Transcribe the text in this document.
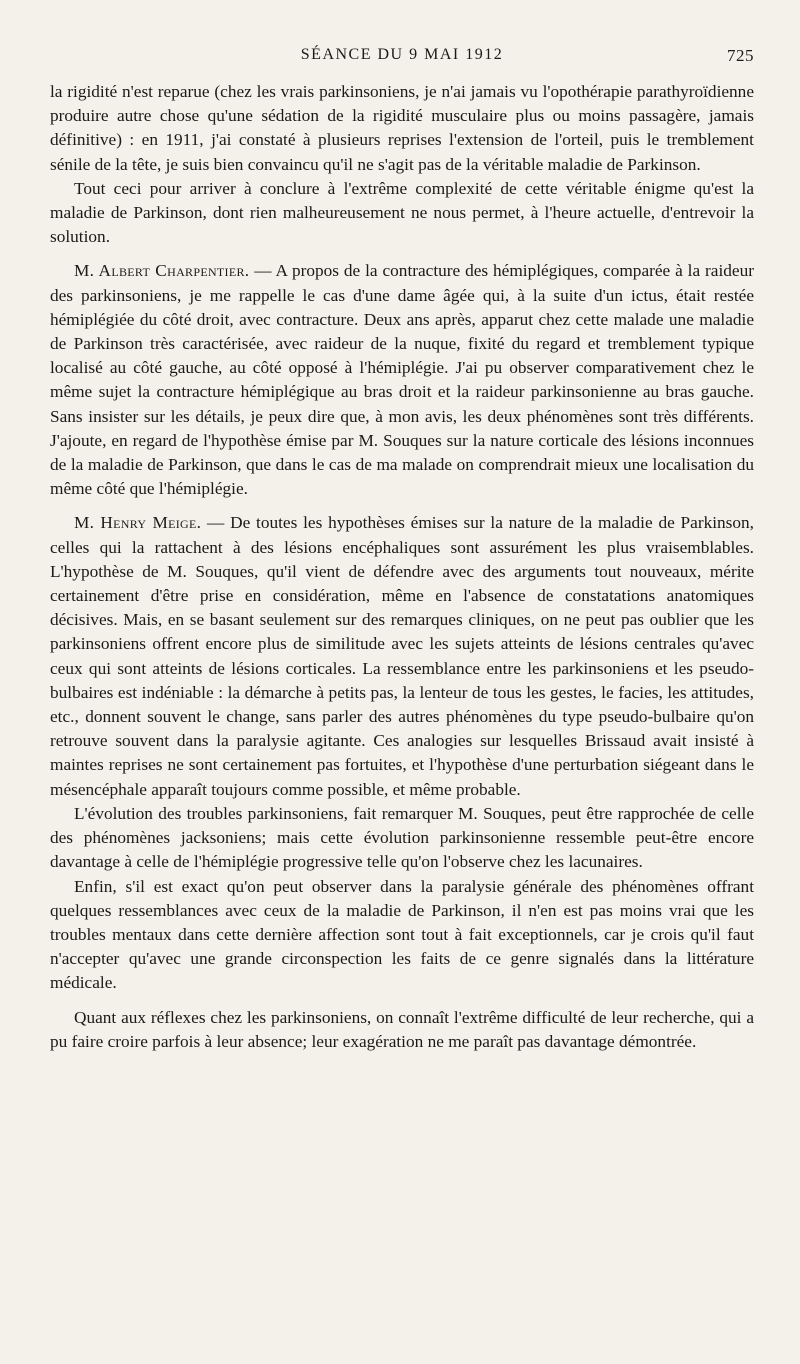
SÉANCE DU 9 MAI 1912	725

la rigidité n'est reparue (chez les vrais parkinsoniens, je n'ai jamais vu l'opothérapie parathyroïdienne produire autre chose qu'une sédation de la rigidité musculaire plus ou moins passagère, jamais définitive) : en 1911, j'ai constaté à plusieurs reprises l'extension de l'orteil, puis le tremblement sénile de la tête, je suis bien convaincu qu'il ne s'agit pas de la véritable maladie de Parkinson.

Tout ceci pour arriver à conclure à l'extrême complexité de cette véritable énigme qu'est la maladie de Parkinson, dont rien malheureusement ne nous permet, à l'heure actuelle, d'entrevoir la solution.

M. Albert Charpentier. — A propos de la contracture des hémiplégiques, comparée à la raideur des parkinsoniens, je me rappelle le cas d'une dame âgée qui, à la suite d'un ictus, était restée hémiplégiée du côté droit, avec contracture. Deux ans après, apparut chez cette malade une maladie de Parkinson très caractérisée, avec raideur de la nuque, fixité du regard et tremblement typique localisé au côté gauche, au côté opposé à l'hémiplégie. J'ai pu observer comparativement chez le même sujet la contracture hémiplégique au bras droit et la raideur parkinsonienne au bras gauche. Sans insister sur les détails, je peux dire que, à mon avis, les deux phénomènes sont très différents. J'ajoute, en regard de l'hypothèse émise par M. Souques sur la nature corticale des lésions inconnues de la maladie de Parkinson, que dans le cas de ma malade on comprendrait mieux une localisation du même côté que l'hémiplégie.

M. Henry Meige. — De toutes les hypothèses émises sur la nature de la maladie de Parkinson, celles qui la rattachent à des lésions encéphaliques sont assurément les plus vraisemblables. L'hypothèse de M. Souques, qu'il vient de défendre avec des arguments tout nouveaux, mérite certainement d'être prise en considération, même en l'absence de constatations anatomiques décisives. Mais, en se basant seulement sur des remarques cliniques, on ne peut pas oublier que les parkinsoniens offrent encore plus de similitude avec les sujets atteints de lésions centrales qu'avec ceux qui sont atteints de lésions corticales. La ressemblance entre les parkinsoniens et les pseudo-bulbaires est indéniable : la démarche à petits pas, la lenteur de tous les gestes, le facies, les attitudes, etc., donnent souvent le change, sans parler des autres phénomènes du type pseudo-bulbaire qu'on retrouve souvent dans la paralysie agitante. Ces analogies sur lesquelles Brissaud avait insisté à maintes reprises ne sont certainement pas fortuites, et l'hypothèse d'une perturbation siégeant dans le mésencéphale apparaît toujours comme possible, et même probable.

L'évolution des troubles parkinsoniens, fait remarquer M. Souques, peut être rapprochée de celle des phénomènes jacksoniens; mais cette évolution parkinsonienne ressemble peut-être encore davantage à celle de l'hémiplégie progressive telle qu'on l'observe chez les lacunaires.

Enfin, s'il est exact qu'on peut observer dans la paralysie générale des phénomènes offrant quelques ressemblances avec ceux de la maladie de Parkinson, il n'en est pas moins vrai que les troubles mentaux dans cette dernière affection sont tout à fait exceptionnels, car je crois qu'il faut n'accepter qu'avec une grande circonspection les faits de ce genre signalés dans la littérature médicale.

Quant aux réflexes chez les parkinsoniens, on connaît l'extrême difficulté de leur recherche, qui a pu faire croire parfois à leur absence; leur exagération ne me paraît pas davantage démontrée.
